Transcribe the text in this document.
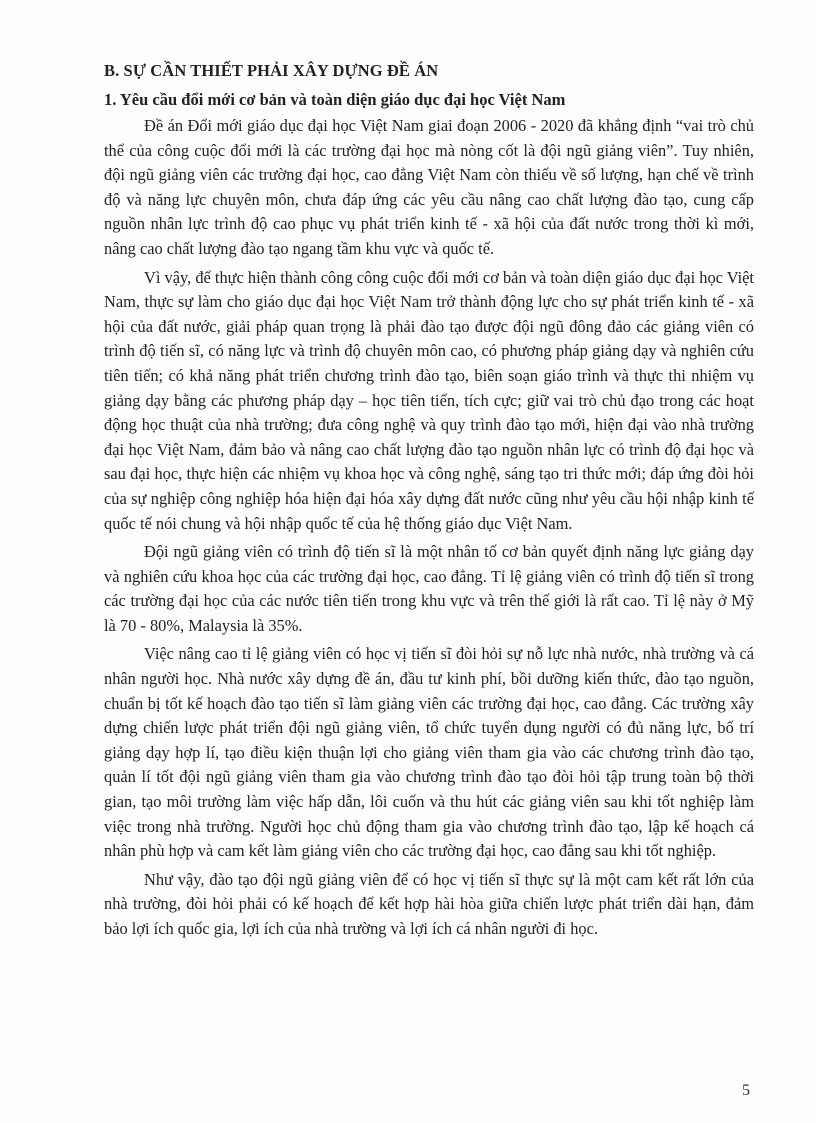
B. SỰ CẦN THIẾT PHẢI XÂY DỰNG ĐỀ ÁN
1. Yêu cầu đổi mới cơ bản và toàn diện giáo dục đại học Việt Nam

Đề án Đổi mới giáo dục đại học Việt Nam giai đoạn 2006 - 2020 đã khẳng định “vai trò chủ thể của công cuộc đổi mới là các trường đại học mà nòng cốt là đội ngũ giảng viên”. Tuy nhiên, đội ngũ giảng viên các trường đại học, cao đẳng Việt Nam còn thiếu về số lượng, hạn chế về trình độ và năng lực chuyên môn, chưa đáp ứng các yêu cầu nâng cao chất lượng đào tạo, cung cấp nguồn nhân lực trình độ cao phục vụ phát triển kinh tế - xã hội của đất nước trong thời kì mới, nâng cao chất lượng đào tạo ngang tầm khu vực và quốc tế.

Vì vậy, để thực hiện thành công công cuộc đổi mới cơ bản và toàn diện giáo dục đại học Việt Nam, thực sự làm cho giáo dục đại học Việt Nam trở thành động lực cho sự phát triển kinh tế - xã hội của đất nước, giải pháp quan trọng là phải đào tạo được đội ngũ đông đảo các giảng viên có trình độ tiến sĩ, có năng lực và trình độ chuyên môn cao, có phương pháp giảng dạy và nghiên cứu tiên tiến; có khả năng phát triển chương trình đào tạo, biên soạn giáo trình và thực thi nhiệm vụ giảng dạy bằng các phương pháp dạy – học tiên tiến, tích cực; giữ vai trò chủ đạo trong các hoạt động học thuật của nhà trường; đưa công nghệ và quy trình đào tạo mới, hiện đại vào nhà trường đại học Việt Nam, đảm bảo và nâng cao chất lượng đào tạo nguồn nhân lực có trình độ đại học và sau đại học, thực hiện các nhiệm vụ khoa học và công nghệ, sáng tạo tri thức mới; đáp ứng đòi hỏi của sự nghiệp công nghiệp hóa hiện đại hóa xây dựng đất nước cũng như yêu cầu hội nhập kinh tế quốc tế nói chung và hội nhập quốc tế của hệ thống giáo dục Việt Nam.

Đội ngũ giảng viên có trình độ tiến sĩ là một nhân tố cơ bản quyết định năng lực giảng dạy và nghiên cứu khoa học của các trường đại học, cao đẳng. Tỉ lệ giảng viên có trình độ tiến sĩ trong các trường đại học của các nước tiên tiến trong khu vực và trên thế giới là rất cao. Tỉ lệ này ở Mỹ là 70 - 80%, Malaysia là 35%.

Việc nâng cao tỉ lệ giảng viên có học vị tiến sĩ đòi hỏi sự nỗ lực nhà nước, nhà trường và cá nhân người học. Nhà nước xây dựng đề án, đầu tư kinh phí, bồi dưỡng kiến thức, đào tạo nguồn, chuẩn bị tốt kế hoạch đào tạo tiến sĩ làm giảng viên các trường đại học, cao đẳng. Các trường xây dựng chiến lược phát triển đội ngũ giảng viên, tổ chức tuyển dụng người có đủ năng lực, bố trí giảng dạy hợp lí, tạo điều kiện thuận lợi cho giảng viên tham gia vào các chương trình đào tạo, quản lí tốt đội ngũ giảng viên tham gia vào chương trình đào tạo đòi hỏi tập trung toàn bộ thời gian, tạo môi trường làm việc hấp dẫn, lôi cuốn và thu hút các giảng viên sau khi tốt nghiệp làm việc trong nhà trường. Người học chủ động tham gia vào chương trình đào tạo, lập kế hoạch cá nhân phù hợp và cam kết làm giảng viên cho các trường đại học, cao đẳng sau khi tốt nghiệp.

Như vậy, đào tạo đội ngũ giảng viên để có học vị tiến sĩ thực sự là một cam kết rất lớn của nhà trường, đòi hỏi phải có kế hoạch để kết hợp hài hòa giữa chiến lược phát triển dài hạn, đảm bảo lợi ích quốc gia, lợi ích của nhà trường và lợi ích cá nhân người đi học.

5
